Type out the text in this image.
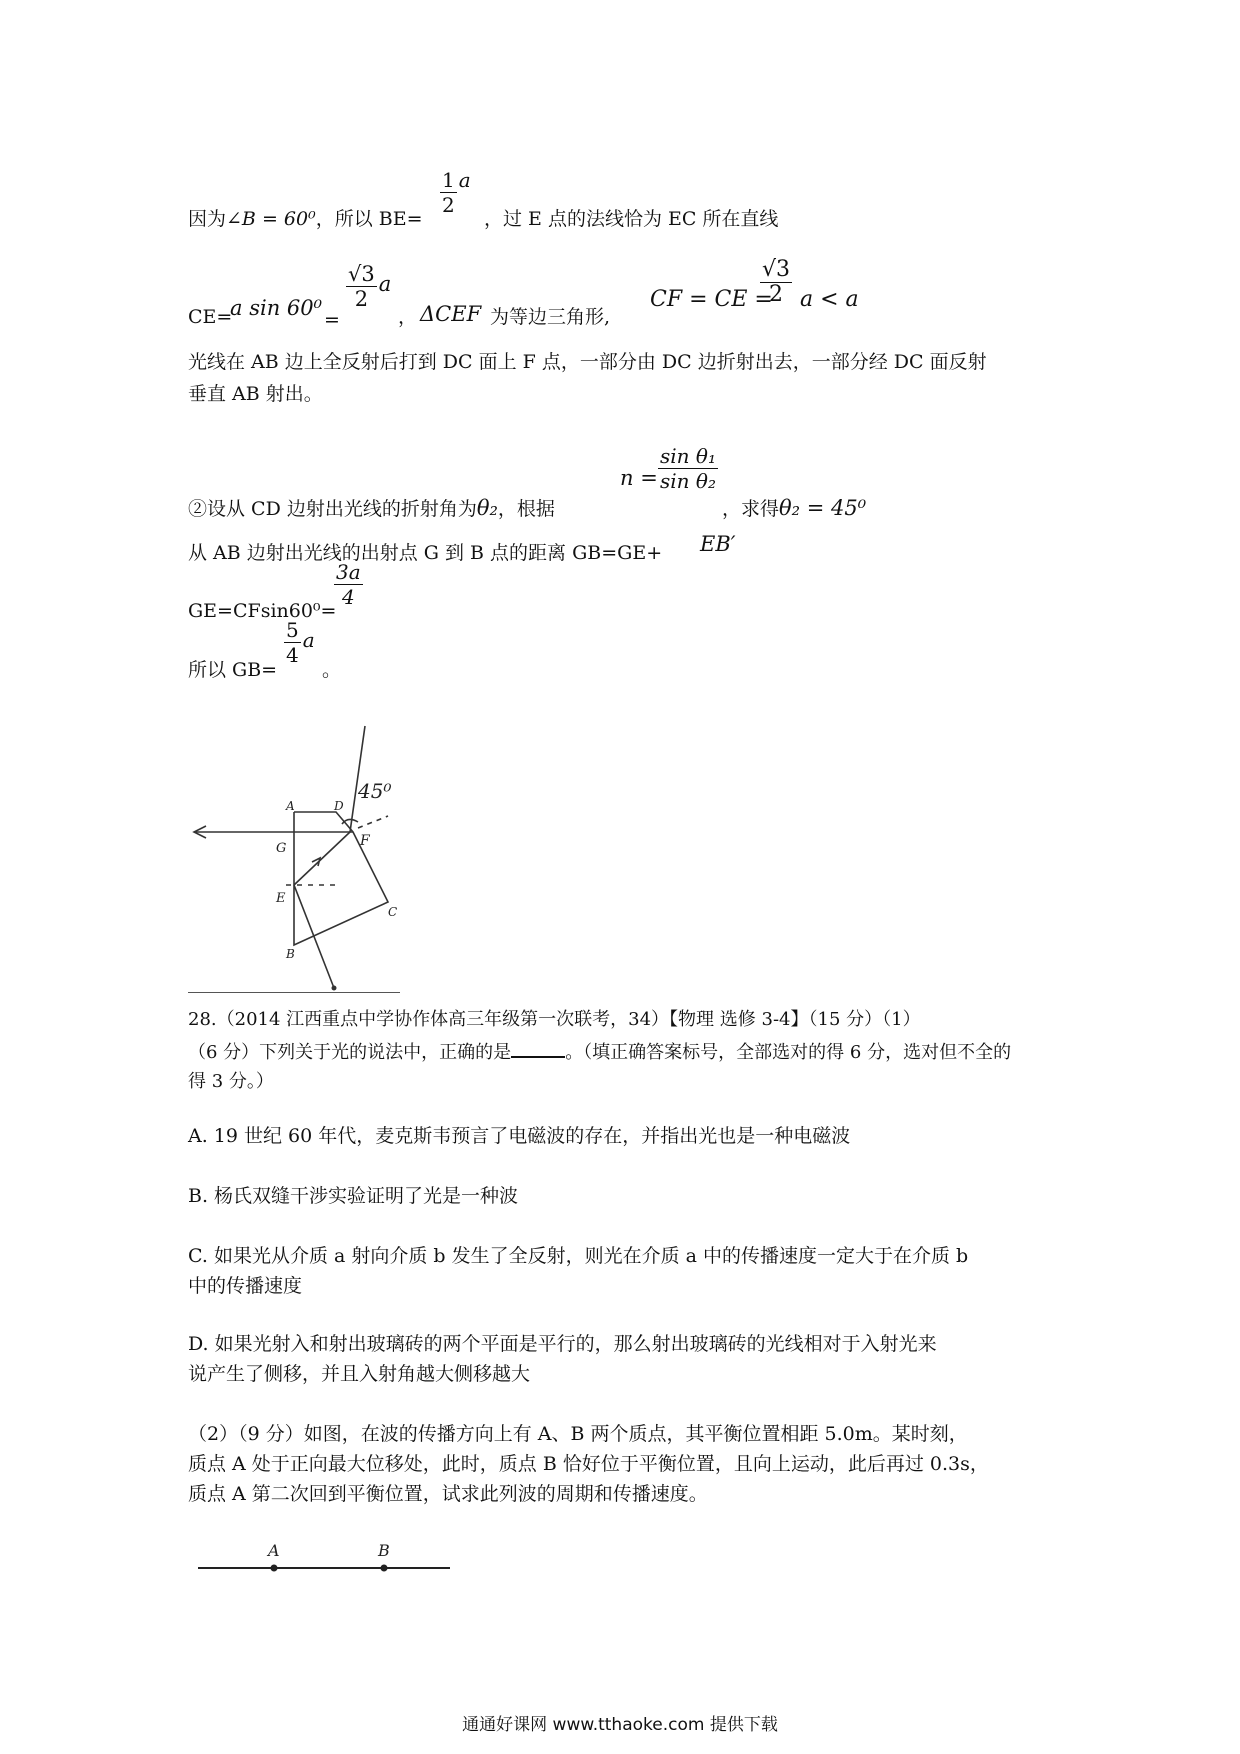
因为∠B = 60⁰，所以 BE=
$\frac{1}{2}$ a
，过 E 点的法线恰为 EC 所在直线
CE=
a sin 60⁰ =
$\frac{√3}{2}$ a
， ΔCEF 为等边三角形,
CF = CE =
$\frac{√3}{2}$ a < a
光线在 AB 边上全反射后打到 DC 面上 F 点，一部分由 DC 边折射出去，一部分经 DC 面反射
垂直 AB 射出。
$n = \frac{\text{sin θ₁}}{\text{sin θ₂}}$
②设从 CD 边射出光线的折射角为θ₂，根据	，求得θ₂ = 45⁰
从 AB 边射出光线的出射点 G 到 B 点的距离 GB=GE+ EB′
GE=CFsin60⁰=
$\frac{3a}{4}$
所以 GB=
$\frac{5}{4}$ a
。
A	D
F
G
E
C
B
45⁰
28.（2014 江西重点中学协作体高三年级第一次联考，34）【物理 选修 3-4】（15 分）（1）
（6 分）下列关于光的说法中，正确的是	。（填正确答案标号，全部选对的得 6 分，选对但不全的
得 3 分。）
A. 19 世纪 60 年代，麦克斯韦预言了电磁波的存在，并指出光也是一种电磁波
B. 杨氏双缝干涉实验证明了光是一种波
C. 如果光从介质 a 射向介质 b 发生了全反射，则光在介质 a 中的传播速度一定大于在介质 b
中的传播速度
D. 如果光射入和射出玻璃砖的两个平面是平行的，那么射出玻璃砖的光线相对于入射光来
说产生了侧移，并且入射角越大侧移越大
（2）（9 分）如图，在波的传播方向上有 A、B 两个质点，其平衡位置相距 5.0m。某时刻，
质点 A 处于正向最大位移处，此时，质点 B 恰好位于平衡位置，且向上运动，此后再过 0.3s，
质点 A 第二次回到平衡位置，试求此列波的周期和传播速度。
A	B
通通好课网 www.tthaoke.com 提供下载
